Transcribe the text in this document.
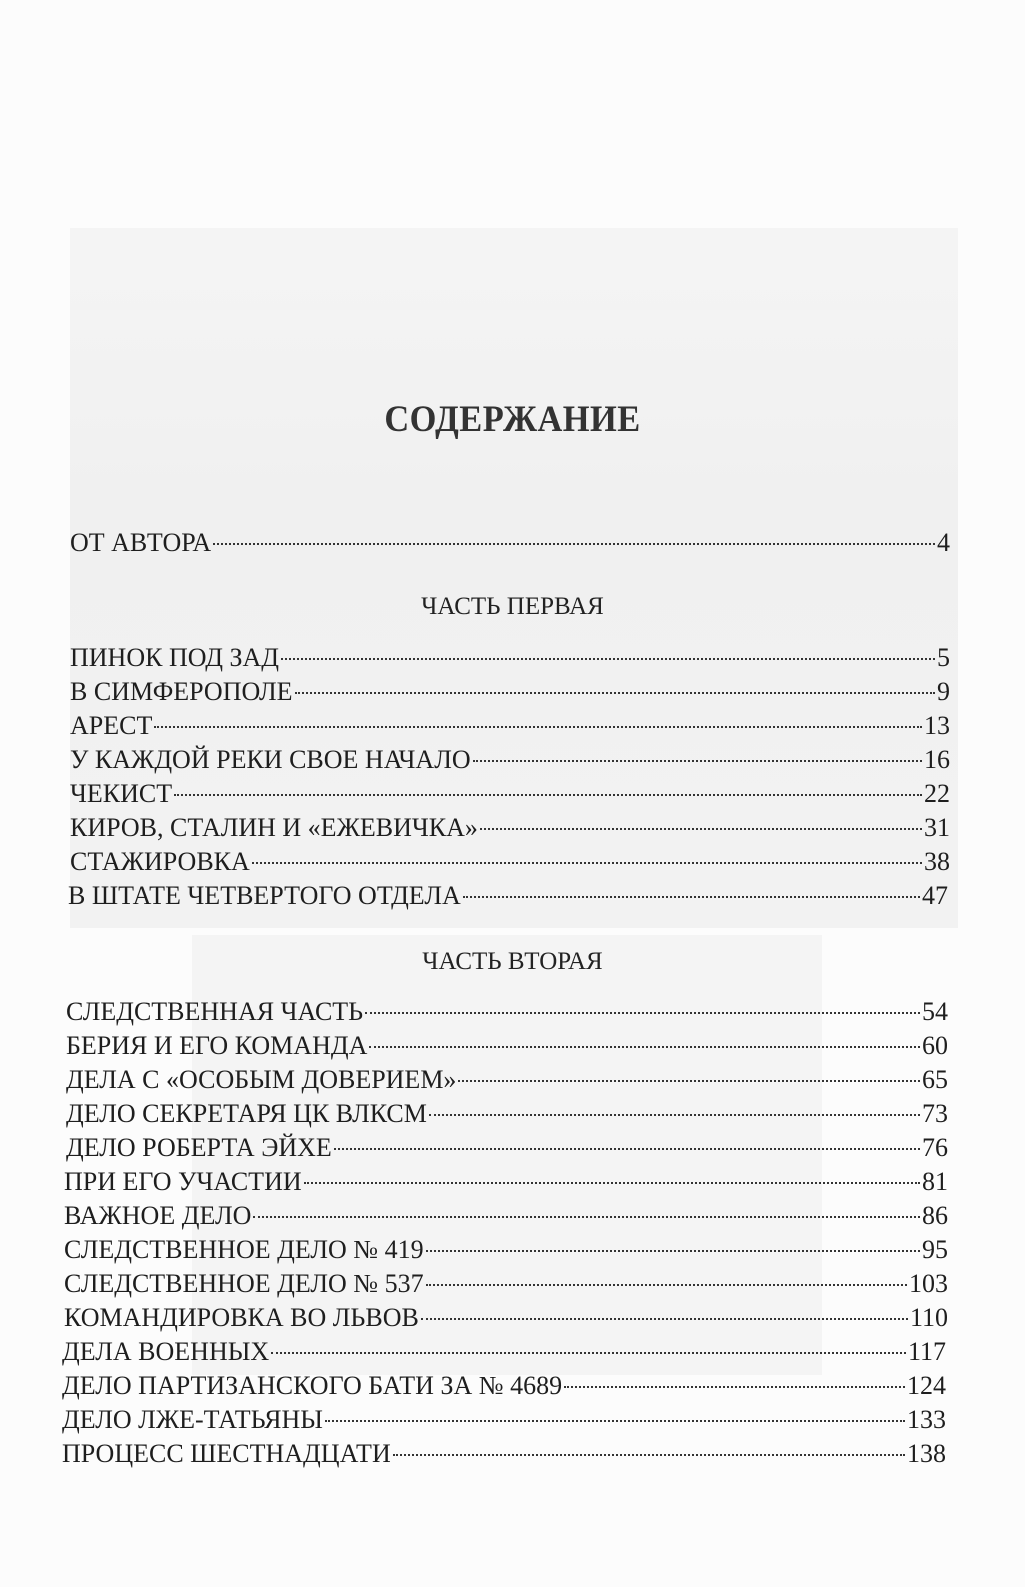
СОДЕРЖАНИЕ
ОТ АВТОРА	4
ЧАСТЬ ПЕРВАЯ
ПИНОК ПОД ЗАД	5
В СИМФЕРОПОЛЕ	9
АРЕСТ	13
У КАЖДОЙ РЕКИ СВОЕ НАЧАЛО	16
ЧЕКИСТ	22
КИРОВ, СТАЛИН И «ЕЖЕВИЧКА»	31
СТАЖИРОВКА	38
В ШТАТЕ ЧЕТВЕРТОГО ОТДЕЛА	47
ЧАСТЬ ВТОРАЯ
СЛЕДСТВЕННАЯ ЧАСТЬ	54
БЕРИЯ И ЕГО КОМАНДА	60
ДЕЛА С «ОСОБЫМ ДОВЕРИЕМ»	65
ДЕЛО СЕКРЕТАРЯ ЦК ВЛКСМ	73
ДЕЛО РОБЕРТА ЭЙХЕ	76
ПРИ ЕГО УЧАСТИИ	81
ВАЖНОЕ ДЕЛО	86
СЛЕДСТВЕННОЕ ДЕЛО № 419	95
СЛЕДСТВЕННОЕ ДЕЛО № 537	103
КОМАНДИРОВКА ВО ЛЬВОВ	110
ДЕЛА ВОЕННЫХ	117
ДЕЛО ПАРТИЗАНСКОГО БАТИ ЗА № 4689	124
ДЕЛО ЛЖЕ-ТАТЬЯНЫ	133
ПРОЦЕСС ШЕСТНАДЦАТИ	138
